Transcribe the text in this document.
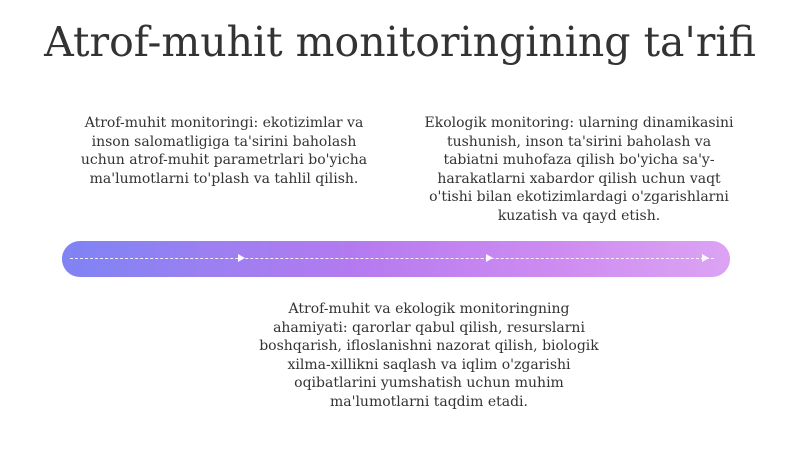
Atrof-muhit monitoringining ta'rifi

Atrof-muhit monitoringi: ekotizimlar va inson salomatligiga ta'sirini baholash uchun atrof-muhit parametrlari bo'yicha ma'lumotlarni to'plash va tahlil qilish.

Ekologik monitoring: ularning dinamikasini tushunish, inson ta'sirini baholash va tabiatni muhofaza qilish bo'yicha sa'y-harakatlarni xabardor qilish uchun vaqt o'tishi bilan ekotizimlardagi o'zgarishlarni kuzatish va qayd etish.

Atrof-muhit va ekologik monitoringning ahamiyati: qarorlar qabul qilish, resurslarni boshqarish, ifloslanishni nazorat qilish, biologik xilma-xillikni saqlash va iqlim o'zgarishi oqibatlarini yumshatish uchun muhim ma'lumotlarni taqdim etadi.
